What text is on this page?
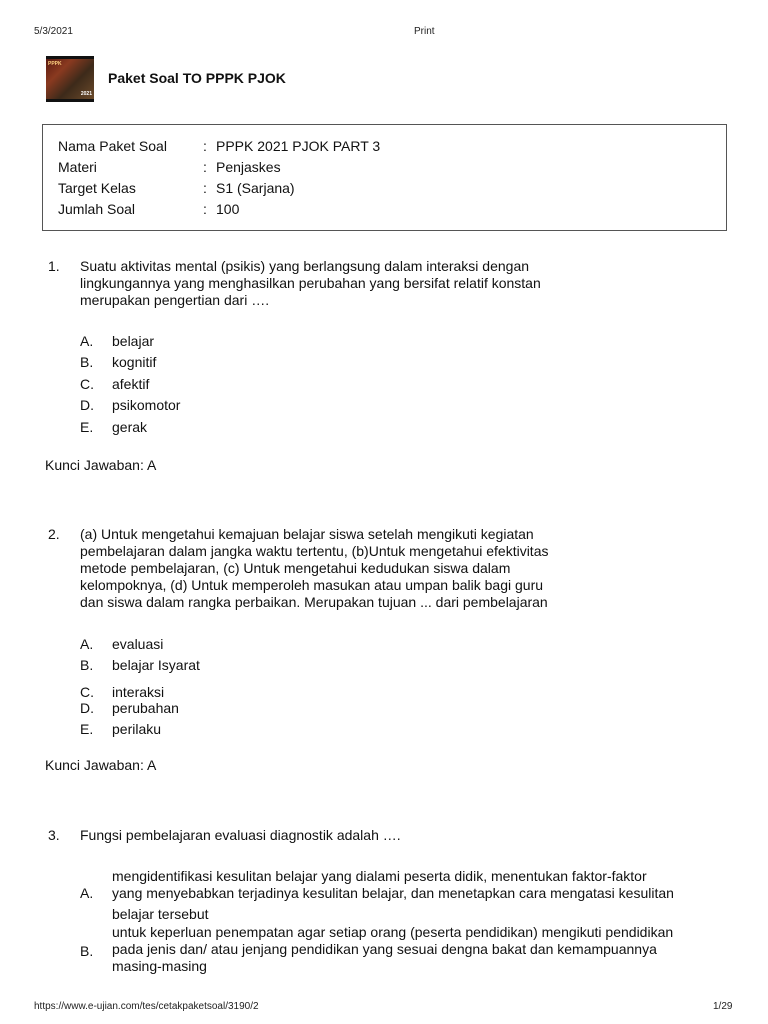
5/3/2021	Print
PPPK
2021
Paket Soal TO PPPK PJOK
Nama Paket Soal	: PPPK 2021 PJOK PART 3
Materi	: Penjaskes
Target Kelas	: S1 (Sarjana)
Jumlah Soal	: 100
1. Suatu aktivitas mental (psikis) yang berlangsung dalam interaksi dengan
lingkungannya yang menghasilkan perubahan yang bersifat relatif konstan
merupakan pengertian dari ….
A. belajar
B. kognitif
C. afektif
D. psikomotor
E. gerak
Kunci Jawaban: A
2. (a) Untuk mengetahui kemajuan belajar siswa setelah mengikuti kegiatan
pembelajaran dalam jangka waktu tertentu, (b)Untuk mengetahui efektivitas
metode pembelajaran, (c) Untuk mengetahui kedudukan siswa dalam
kelompoknya, (d) Untuk memperoleh masukan atau umpan balik bagi guru
dan siswa dalam rangka perbaikan. Merupakan tujuan ... dari pembelajaran
A. evaluasi
B. belajar Isyarat
C. interaksi
D. perubahan
E. perilaku
Kunci Jawaban: A
3. Fungsi pembelajaran evaluasi diagnostik adalah ….
A.
mengidentifikasi kesulitan belajar yang dialami peserta didik, menentukan faktor-faktor
yang menyebabkan terjadinya kesulitan belajar, dan menetapkan cara mengatasi kesulitan
belajar tersebut
B.
untuk keperluan penempatan agar setiap orang (peserta pendidikan) mengikuti pendidikan
pada jenis dan/ atau jenjang pendidikan yang sesuai dengna bakat dan kemampuannya
masing-masing
https://www.e-ujian.com/tes/cetakpaketsoal/3190/2	1/29
